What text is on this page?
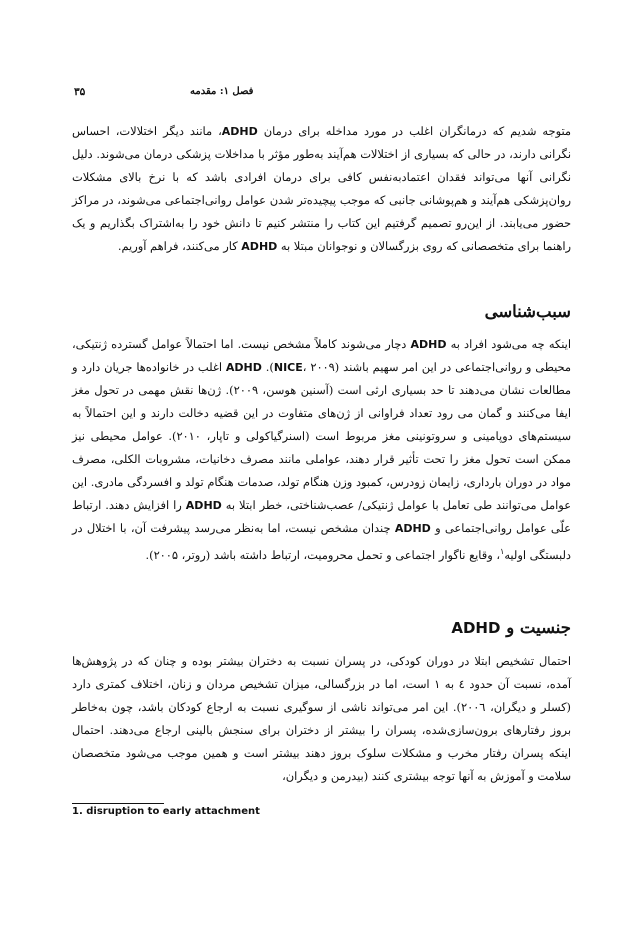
۳۵	فصل ۱: مقدمه

متوجه شدیم که درمانگران اغلب در مورد مداخله برای درمان ADHD، مانند دیگر اختلالات، احساس نگرانی دارند، در حالی که بسیاری از اختلالات هم‌آیند به‌طور مؤثر با مداخلات پزشکی درمان می‌شوند. دلیل نگرانی آنها می‌تواند فقدان اعتمادبه‌نفس کافی برای درمان افرادی باشد که با نرخ بالای مشکلات روان‌پزشکی هم‌آیند و هم‌پوشانی جانبی که موجب پیچیده‌تر شدن عوامل روانی‌اجتماعی می‌شوند، در مراکز حضور می‌یابند. از این‌رو تصمیم گرفتیم این کتاب را منتشر کنیم تا دانش خود را به‌اشتراک بگذاریم و یک راهنما برای متخصصانی که روی بزرگسالان و نوجوانان مبتلا به ADHD کار می‌کنند، فراهم آوریم.

سبب‌شناسی

اینکه چه می‌شود افراد به ADHD دچار می‌شوند کاملاً مشخص نیست. اما احتمالاً عوامل گسترده ژنتیکی، محیطی و روانی‌اجتماعی در این امر سهیم باشند (NICE، ۲۰۰۹). ADHD اغلب در خانواده‌ها جریان دارد و مطالعات نشان می‌دهند تا حد بسیاری ارثی است (آسنین هوسن، ۲۰۰۹). ژن‌ها نقش مهمی در تحول مغز ایفا می‌کنند و گمان می رود تعداد فراوانی از ژن‌های متفاوت در این قضیه دخالت دارند و این احتمالاً به سیستم‌های دوپامینی و سروتونینی مغز مربوط است (اسنرگیاکولی و تاپار، ۲۰۱۰). عوامل محیطی نیز ممکن است تحول مغز را تحت تأثیر قرار دهند، عواملی مانند مصرف دخانیات، مشروبات الکلی، مصرف مواد در دوران بارداری، زایمان زودرس، کمبود وزن هنگام تولد، صدمات هنگام تولد و افسردگی مادری. این عوامل می‌توانند طی تعامل با عوامل ژنتیکی/ عصب‌شناختی، خطر ابتلا به ADHD را افزایش دهند. ارتباط علّی عوامل روانی‌اجتماعی و ADHD چندان مشخص نیست، اما به‌نظر می‌رسد پیشرفت آن، با اختلال در دلبستگی اولیه$^۱$، وقایع ناگوار اجتماعی و تحمل محرومیت، ارتباط داشته باشد (روتر، ۲۰۰۵).

جنسیت و ADHD

احتمال تشخیص ابتلا در دوران کودکی، در پسران نسبت به دختران بیشتر بوده و چنان که در پژوهش‌ها آمده، نسبت آن حدود ٤ به ١ است، اما در بزرگسالی، میزان تشخیص مردان و زنان، اختلاف کمتری دارد (کسلر و دیگران، ۲۰۰٦). این امر می‌تواند ناشی از سوگیری نسبت به ارجاع کودکان باشد، چون به‌خاطر بروز رفتارهای برون‌سازی‌شده، پسران را بیشتر از دختران برای سنجش بالینی ارجاع می‌دهند. احتمال اینکه پسران رفتار مخرب و مشکلات سلوک بروز دهند بیشتر است و همین موجب می‌شود متخصصان سلامت و آموزش به آنها توجه بیشتری کنند (بیدرمن و دیگران،

1. disruption to early attachment
